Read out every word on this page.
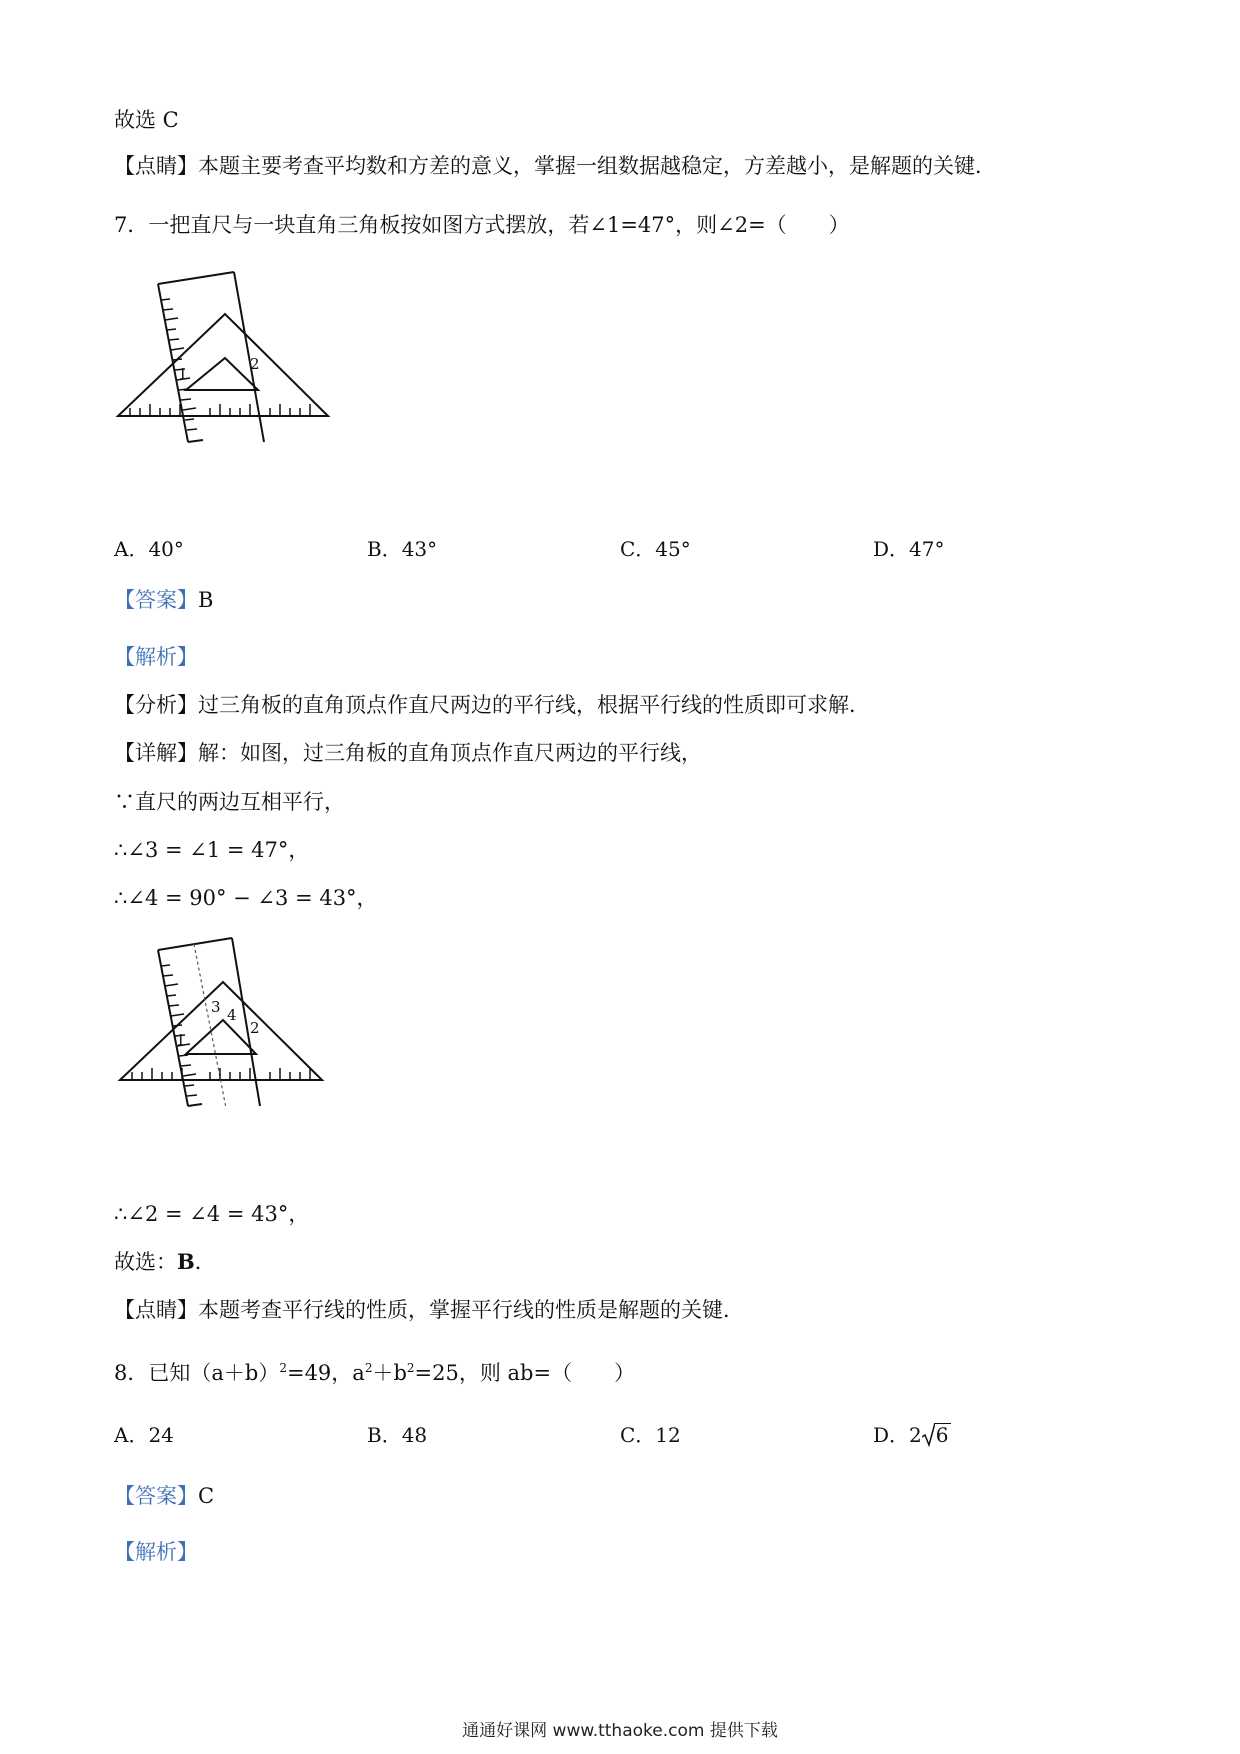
故选 C
【点睛】本题主要考查平均数和方差的意义，掌握一组数据越稳定，方差越小，是解题的关键．
7．一把直尺与一块直角三角板按如图方式摆放，若∠1=47°，则∠2=（　　）
1
2
A．40°	B．43°	C．45°	D．47°
【答案】B
【解析】
【分析】过三角板的直角顶点作直尺两边的平行线，根据平行线的性质即可求解．
【详解】解：如图，过三角板的直角顶点作直尺两边的平行线，
∵直尺的两边互相平行，
∴∠3 = ∠1 = 47°，
∴∠4 = 90° − ∠3 = 43°，
1
2
3 4
∴∠2 = ∠4 = 43°，
故选：B．
【点睛】本题考查平行线的性质，掌握平行线的性质是解题的关键．
8．已知$(a+b)^2=49$，$a^2+b^2=25$，则 ab=（　　）
A．24	B．48	C．12	D．2 6
【答案】C
【解析】
通通好课网 www.tthaoke.com 提供下载
